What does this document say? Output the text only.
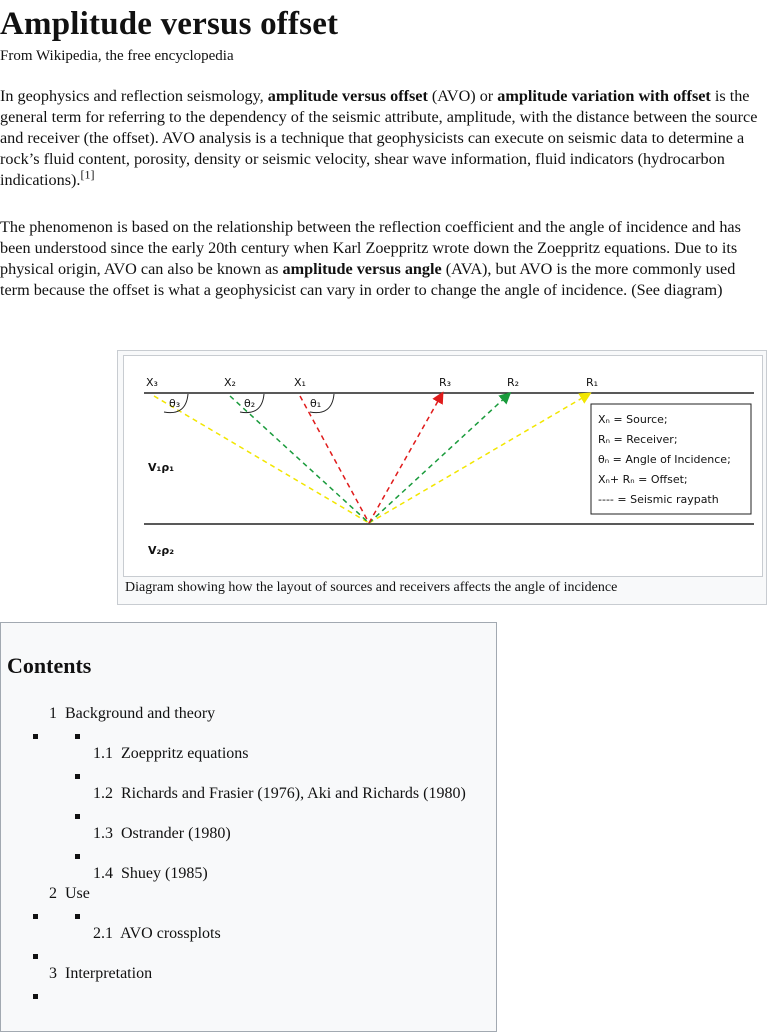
Amplitude versus offset
From Wikipedia, the free encyclopedia

In geophysics and reflection seismology, amplitude versus offset (AVO) or amplitude variation with offset is the general term for referring to the dependency of the seismic attribute, amplitude, with the distance between the source and receiver (the offset). AVO analysis is a technique that geophysicists can execute on seismic data to determine a rock’s fluid content, porosity, density or seismic velocity, shear wave information, fluid indicators (hydrocarbon indications).[1]

The phenomenon is based on the relationship between the reflection coefficient and the angle of incidence and has been understood since the early 20th century when Karl Zoeppritz wrote down the Zoeppritz equations. Due to its physical origin, AVO can also be known as amplitude versus angle (AVA), but AVO is the more commonly used term because the offset is what a geophysicist can vary in order to change the angle of incidence. (See diagram)

X₃	X₂	X₁	R₃	R₂	R₁
θ₃	θ₂	θ₁
V₁ρ₁
V₂ρ₂
Xₙ = Source;
Rₙ = Receiver;
θₙ = Angle of Incidence;
Xₙ+ Rₙ = Offset;
---- = Seismic raypath
Diagram showing how the layout of sources and receivers affects the angle of incidence
Contents
1 Background and theory
1.1 Zoeppritz equations
1.2 Richards and Frasier (1976), Aki and Richards (1980)
1.3 Ostrander (1980)
1.4 Shuey (1985)
2 Use
2.1 AVO crossplots
3 Interpretation
